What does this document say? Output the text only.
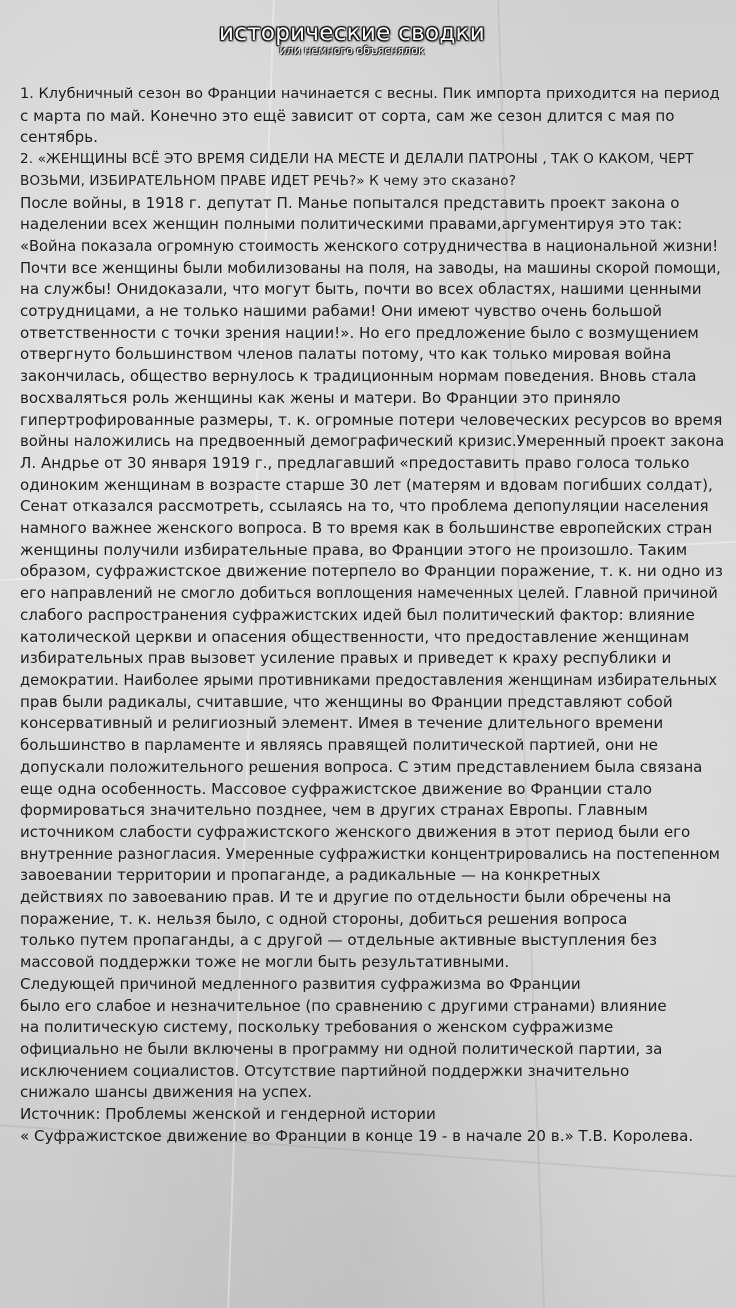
исторические сводки
или немного объяснялок

1. Клубничный сезон во Франции начинается с весны. Пик импорта приходится на период

с марта по май. Конечно это ещё зависит от сорта, сам же сезон длится с мая по

сентябрь.

2. «ЖЕНЩИНЫ ВСЁ ЭТО ВРЕМЯ СИДЕЛИ НА МЕСТЕ И ДЕЛАЛИ ПАТРОНЫ , ТАК О КАКОМ, ЧЕРТ

ВОЗЬМИ, ИЗБИРАТЕЛЬНОМ ПРАВЕ ИДЕТ РЕЧЬ?» К чему это сказано?

После войны, в 1918 г. депутат П. Манье попытался представить проект закона о

наделении всех женщин полными политическими правами,аргументируя это так:

«Война показала огромную стоимость женского сотрудничества в национальной жизни!

Почти все женщины были мобилизованы на поля, на заводы, на машины скорой помощи,

на службы! Онидоказали, что могут быть, почти во всех областях, нашими ценными

сотрудницами, а не только нашими рабами! Они имеют чувство очень большой

ответственности с точки зрения нации!». Но его предложение было с возмущением

отвергнуто большинством членов палаты потому, что как только мировая война

закончилась, общество вернулось к традиционным нормам поведения. Вновь стала

восхваляться роль женщины как жены и матери. Во Франции это приняло

гипертрофированные размеры, т. к. огромные потери человеческих ресурсов во время

войны наложились на предвоенный демографический кризис.Умеренный проект закона

Л. Андрье от 30 января 1919 г., предлагавший «предоставить право голоса только

одиноким женщинам в возрасте старше 30 лет (матерям и вдовам погибших солдат),

Сенат отказался рассмотреть, ссылаясь на то, что проблема депопуляции населения

намного важнее женского вопроса. В то время как в большинстве европейских стран

женщины получили избирательные права, во Франции этого не произошло. Таким

образом, суфражистское движение потерпело во Франции поражение, т. к. ни одно из

его направлений не смогло добиться воплощения намеченных целей. Главной причиной

слабого распространения суфражистских идей был политический фактор: влияние

католической церкви и опасения общественности, что предоставление женщинам

избирательных прав вызовет усиление правых и приведет к краху республики и

демократии. Наиболее ярыми противниками предоставления женщинам избирательных

прав были радикалы, считавшие, что женщины во Франции представляют собой

консервативный и религиозный элемент. Имея в течение длительного времени

большинство в парламенте и являясь правящей политической партией, они не

допускали положительного решения вопроса. С этим представлением была связана

еще одна особенность. Массовое суфражистское движение во Франции стало

формироваться значительно позднее, чем в других странах Европы. Главным

источником слабости суфражистского женского движения в этот период были его

внутренние разногласия. Умеренные суфражистки концентрировались на постепенном

завоевании территории и пропаганде, а радикальные — на конкретных

действиях по завоеванию прав. И те и другие по отдельности были обречены на

поражение, т. к. нельзя было, с одной стороны, добиться решения вопроса

только путем пропаганды, а с другой — отдельные активные выступления без

массовой поддержки тоже не могли быть результативными.

Следующей причиной медленного развития суфражизма во Франции

было его слабое и незначительное (по сравнению с другими странами) влияние

на политическую систему, поскольку требования о женском суфражизме

официально не были включены в программу ни одной политической партии, за

исключением социалистов. Отсутствие партийной поддержки значительно

снижало шансы движения на успех.

Источник: Проблемы женской и гендерной истории

« Суфражистское движение во Франции в конце 19 - в начале 20 в.» Т.В. Королева.
